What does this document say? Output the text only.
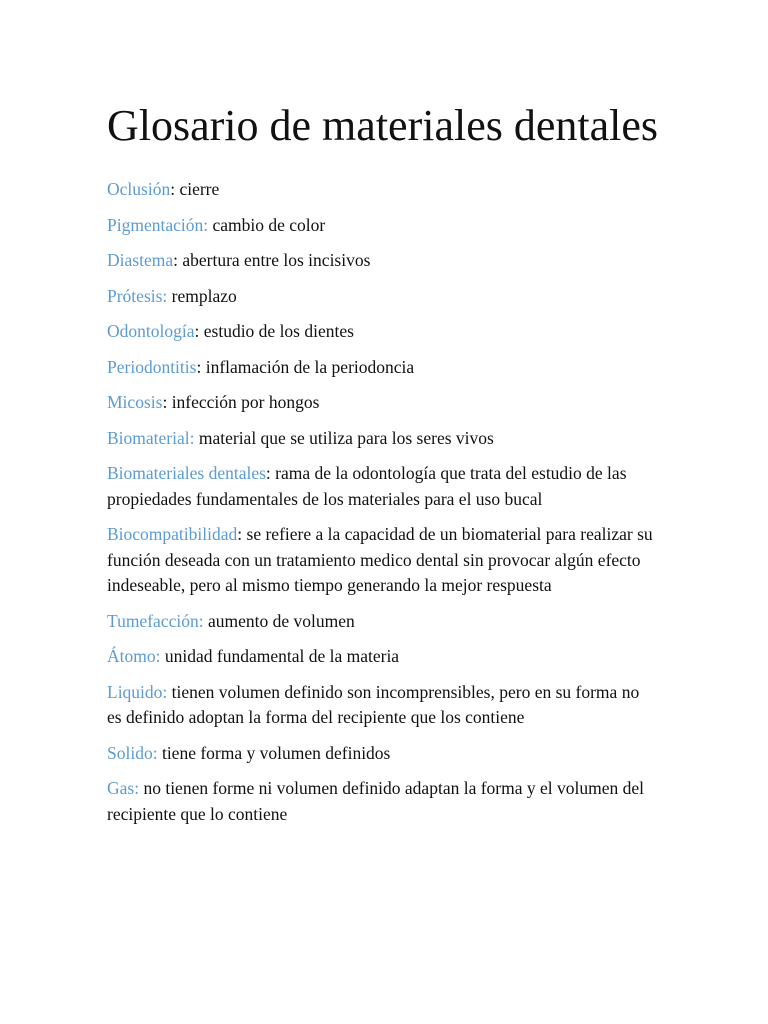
Glosario de materiales dentales
Oclusión: cierre
Pigmentación: cambio de color
Diastema: abertura entre los incisivos
Prótesis: remplazo
Odontología: estudio de los dientes
Periodontitis: inflamación de la periodoncia
Micosis: infección por hongos
Biomaterial: material que se utiliza para los seres vivos
Biomateriales dentales: rama de la odontología que trata del estudio de las propiedades fundamentales de los materiales para el uso bucal
Biocompatibilidad: se refiere a la capacidad de un biomaterial para realizar su función deseada con un tratamiento medico dental sin provocar algún efecto indeseable, pero al mismo tiempo generando la mejor respuesta
Tumefacción: aumento de volumen
Átomo: unidad fundamental de la materia
Liquido: tienen volumen definido son incomprensibles, pero en su forma no es definido adoptan la forma del recipiente que los contiene
Solido: tiene forma y volumen definidos
Gas: no tienen forme ni volumen definido adaptan la forma y el volumen del recipiente que lo contiene
